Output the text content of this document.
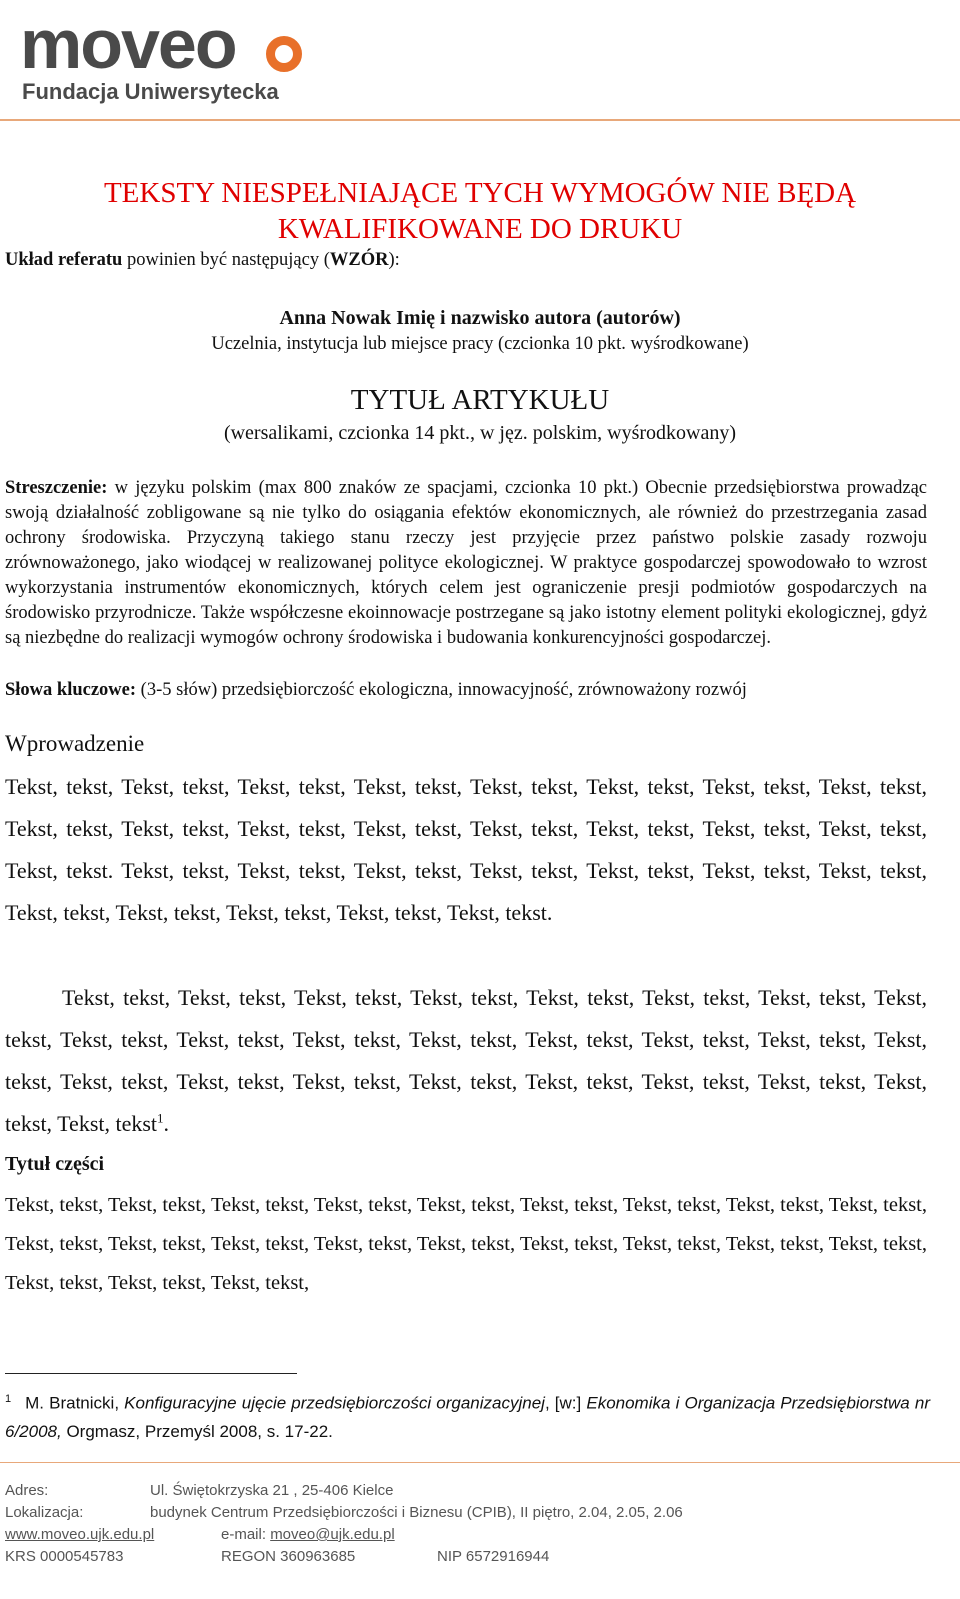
moveo
Fundacja Uniwersytecka
TEKSTY NIESPEŁNIAJĄCE TYCH WYMOGÓW NIE BĘDĄ KWALIFIKOWANE DO DRUKU
Układ referatu powinien być następujący (WZÓR):
Anna Nowak Imię i nazwisko autora (autorów)
Uczelnia, instytucja lub miejsce pracy (czcionka 10 pkt. wyśrodkowane)
TYTUŁ ARTYKUŁU
(wersalikami, czcionka 14 pkt., w jęz. polskim, wyśrodkowany)
Streszczenie: w języku polskim (max 800 znaków ze spacjami, czcionka 10 pkt.) Obecnie przedsiębiorstwa prowadząc swoją działalność zobligowane są nie tylko do osiągania efektów ekonomicznych, ale również do przestrzegania zasad ochrony środowiska. Przyczyną takiego stanu rzeczy jest przyjęcie przez państwo polskie zasady rozwoju zrównoważonego, jako wiodącej w realizowanej polityce ekologicznej. W praktyce gospodarczej spowodowało to wzrost wykorzystania instrumentów ekonomicznych, których celem jest ograniczenie presji podmiotów gospodarczych na środowisko przyrodnicze. Także współczesne ekoinnowacje postrzegane są jako istotny element polityki ekologicznej, gdyż są niezbędne do realizacji wymogów ochrony środowiska i budowania konkurencyjności gospodarczej.
Słowa kluczowe: (3-5 słów) przedsiębiorczość ekologiczna, innowacyjność, zrównoważony rozwój
Wprowadzenie
Tekst, tekst, Tekst, tekst, Tekst, tekst, Tekst, tekst, Tekst, tekst, Tekst, tekst, Tekst, tekst, Tekst, tekst, Tekst, tekst, Tekst, tekst, Tekst, tekst, Tekst, tekst, Tekst, tekst, Tekst, tekst, Tekst, tekst, Tekst, tekst, Tekst, tekst. Tekst, tekst, Tekst, tekst, Tekst, tekst, Tekst, tekst, Tekst, tekst, Tekst, tekst, Tekst, tekst, Tekst, tekst, Tekst, tekst, Tekst, tekst, Tekst, tekst, Tekst, tekst.
Tekst, tekst, Tekst, tekst, Tekst, tekst, Tekst, tekst, Tekst, tekst, Tekst, tekst, Tekst, tekst, Tekst, tekst, Tekst, tekst, Tekst, tekst, Tekst, tekst, Tekst, tekst, Tekst, tekst, Tekst, tekst, Tekst, tekst, Tekst, tekst, Tekst, tekst, Tekst, tekst, Tekst, tekst, Tekst, tekst, Tekst, tekst, Tekst, tekst, Tekst, tekst, Tekst, tekst, Tekst, tekst$^1$.
Tytuł części
Tekst, tekst, Tekst, tekst, Tekst, tekst, Tekst, tekst, Tekst, tekst, Tekst, tekst, Tekst, tekst, Tekst, tekst, Tekst, tekst, Tekst, tekst, Tekst, tekst, Tekst, tekst, Tekst, tekst, Tekst, tekst, Tekst, tekst, Tekst, tekst, Tekst, tekst, Tekst, tekst, Tekst, tekst, Tekst, tekst, Tekst, tekst,
$^1$ M. Bratnicki, Konfiguracyjne ujęcie przedsiębiorczości organizacyjnej, [w:] Ekonomika i Organizacja Przedsiębiorstwa nr 6/2008, Orgmasz, Przemyśl 2008, s. 17-22.
Adres:	Ul. Świętokrzyska 21 , 25-406 Kielce
Lokalizacja:	budynek Centrum Przedsiębiorczości i Biznesu (CPIB), II piętro, 2.04, 2.05, 2.06
www.moveo.ujk.edu.pl	e-mail: moveo@ujk.edu.pl
KRS 0000545783	REGON 360963685	NIP 6572916944
